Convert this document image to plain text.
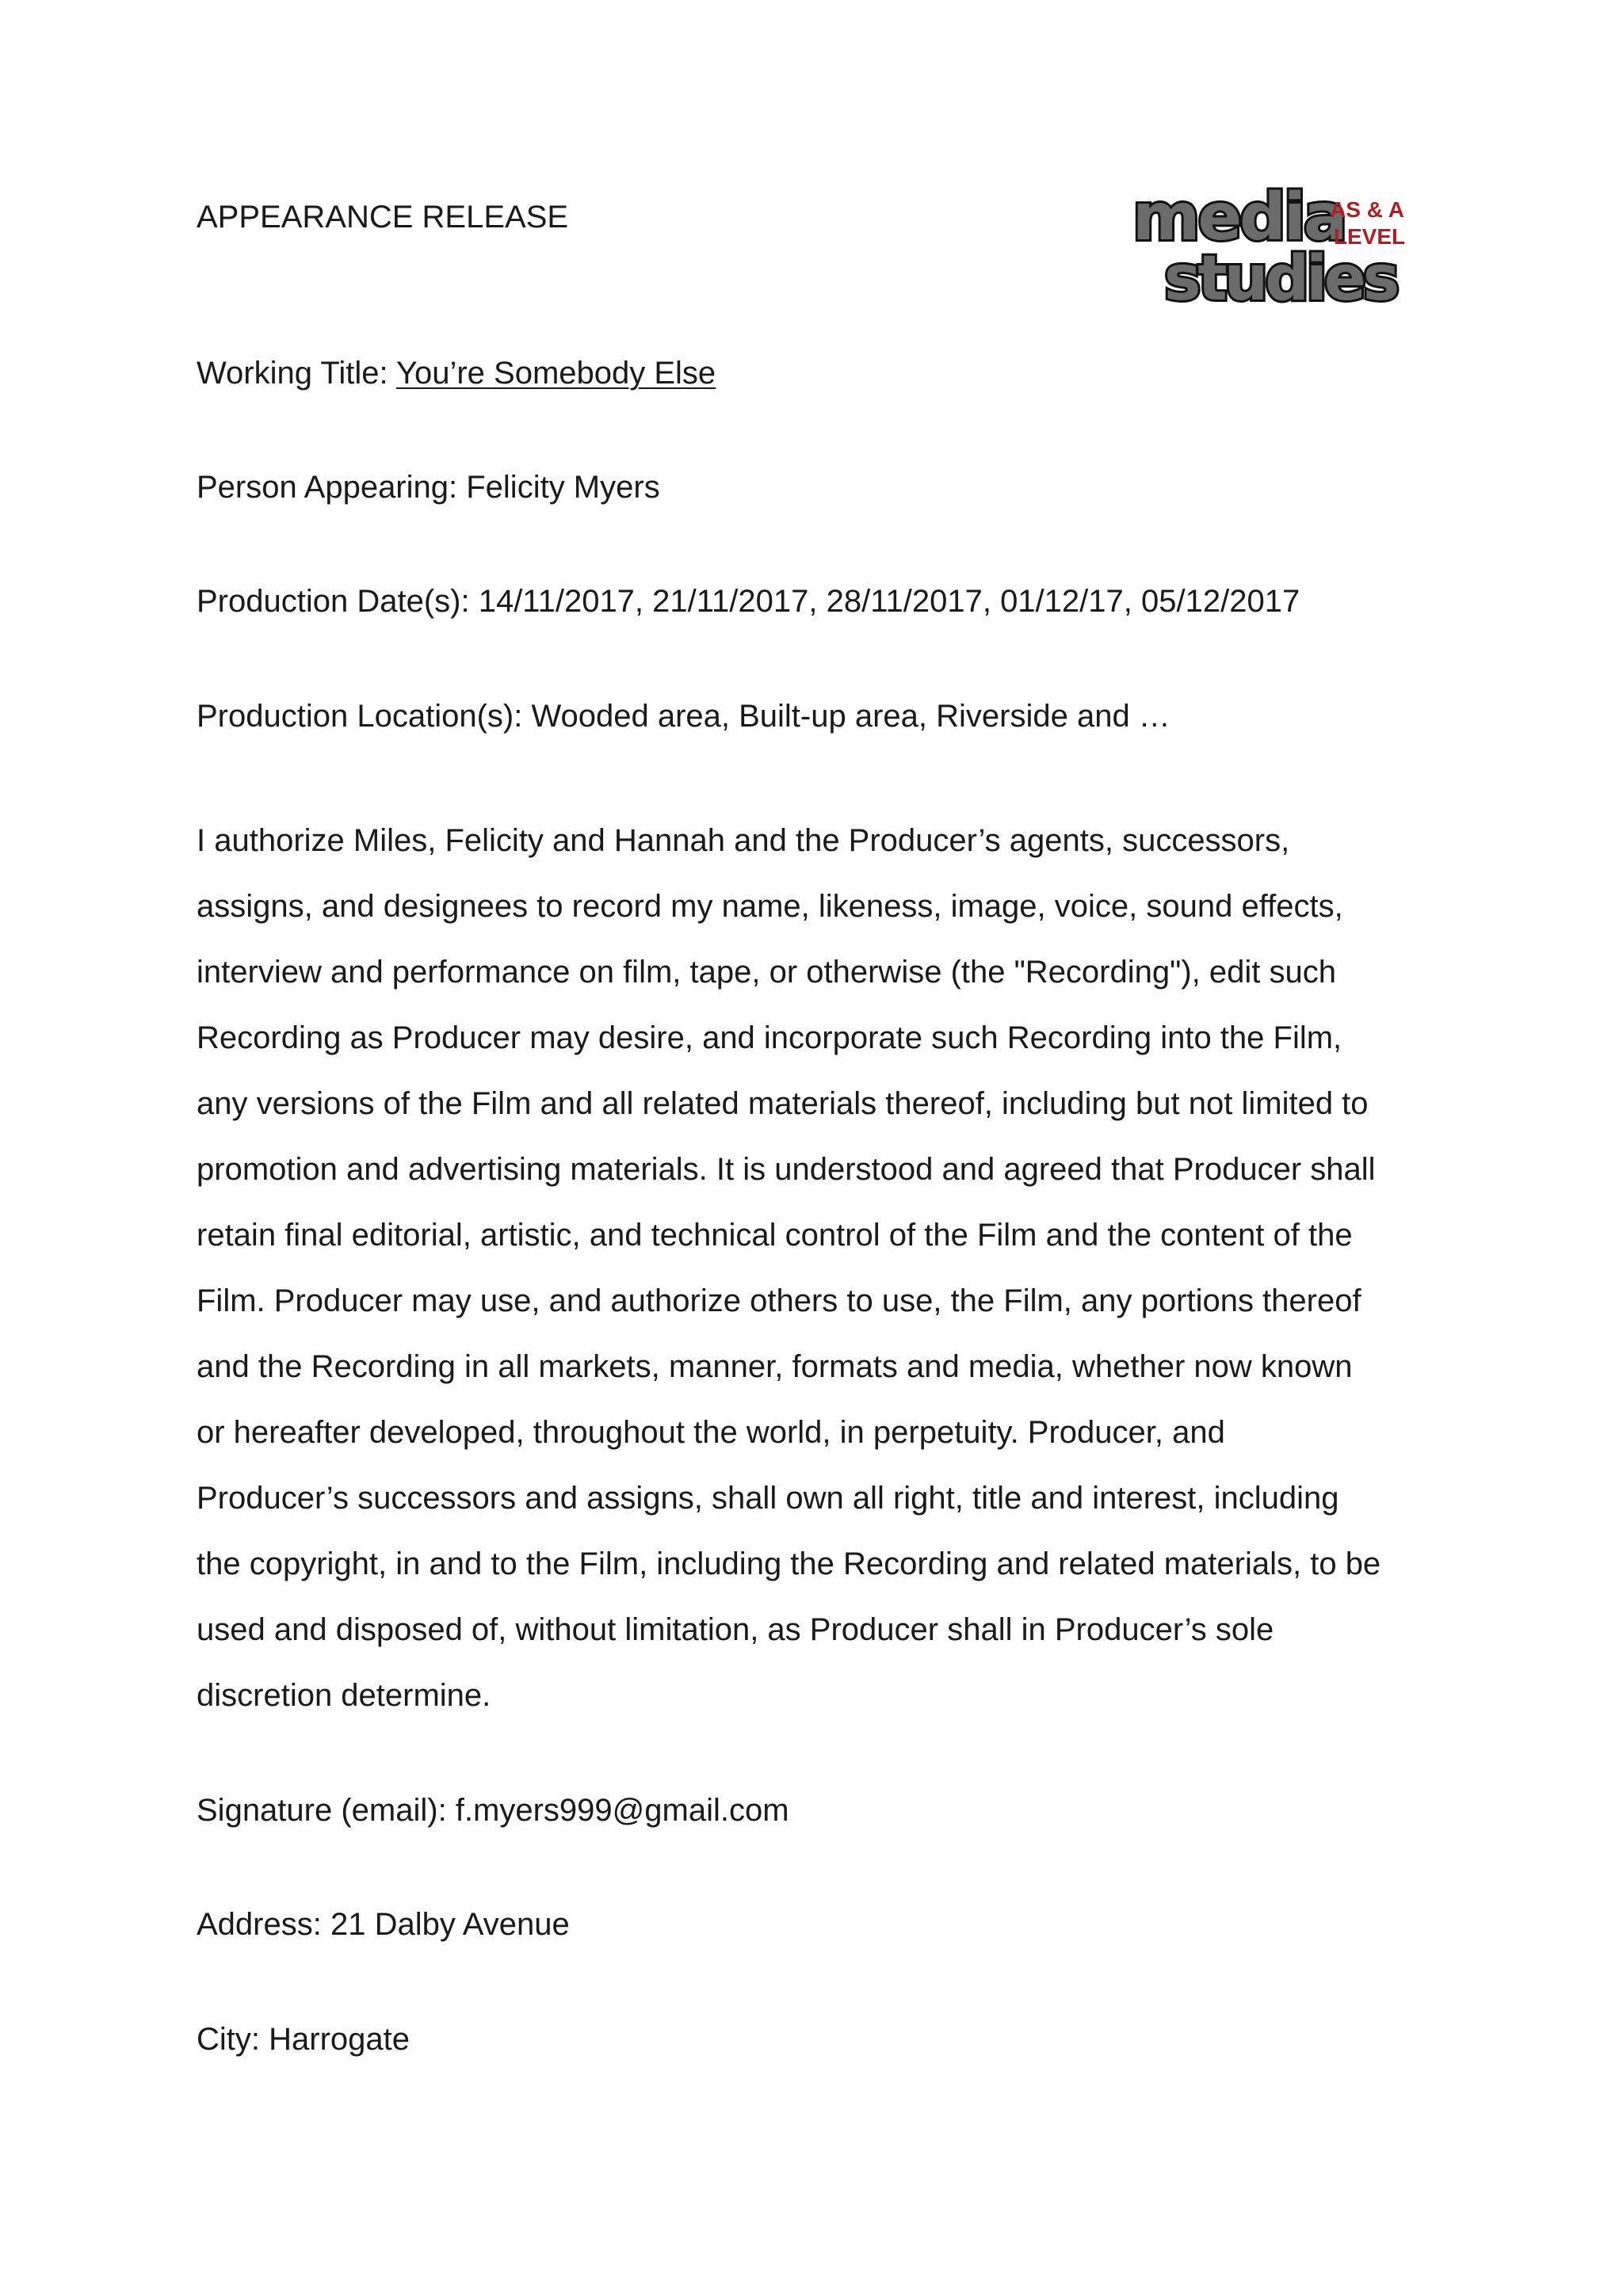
APPEARANCE RELEASE	media
studies
AS & A
LEVEL
Working Title: You’re Somebody Else
Person Appearing: Felicity Myers
Production Date(s): 14/11/2017, 21/11/2017, 28/11/2017, 01/12/17, 05/12/2017
Production Location(s): Wooded area, Built-up area, Riverside and …
I authorize Miles, Felicity and Hannah and the Producer’s agents, successors,
assigns, and designees to record my name, likeness, image, voice, sound effects,
interview and performance on film, tape, or otherwise (the "Recording"), edit such
Recording as Producer may desire, and incorporate such Recording into the Film,
any versions of the Film and all related materials thereof, including but not limited to
promotion and advertising materials. It is understood and agreed that Producer shall
retain final editorial, artistic, and technical control of the Film and the content of the
Film. Producer may use, and authorize others to use, the Film, any portions thereof
and the Recording in all markets, manner, formats and media, whether now known
or hereafter developed, throughout the world, in perpetuity. Producer, and
Producer’s successors and assigns, shall own all right, title and interest, including
the copyright, in and to the Film, including the Recording and related materials, to be
used and disposed of, without limitation, as Producer shall in Producer’s sole
discretion determine.
Signature (email): f.myers999@gmail.com
Address: 21 Dalby Avenue
City: Harrogate
